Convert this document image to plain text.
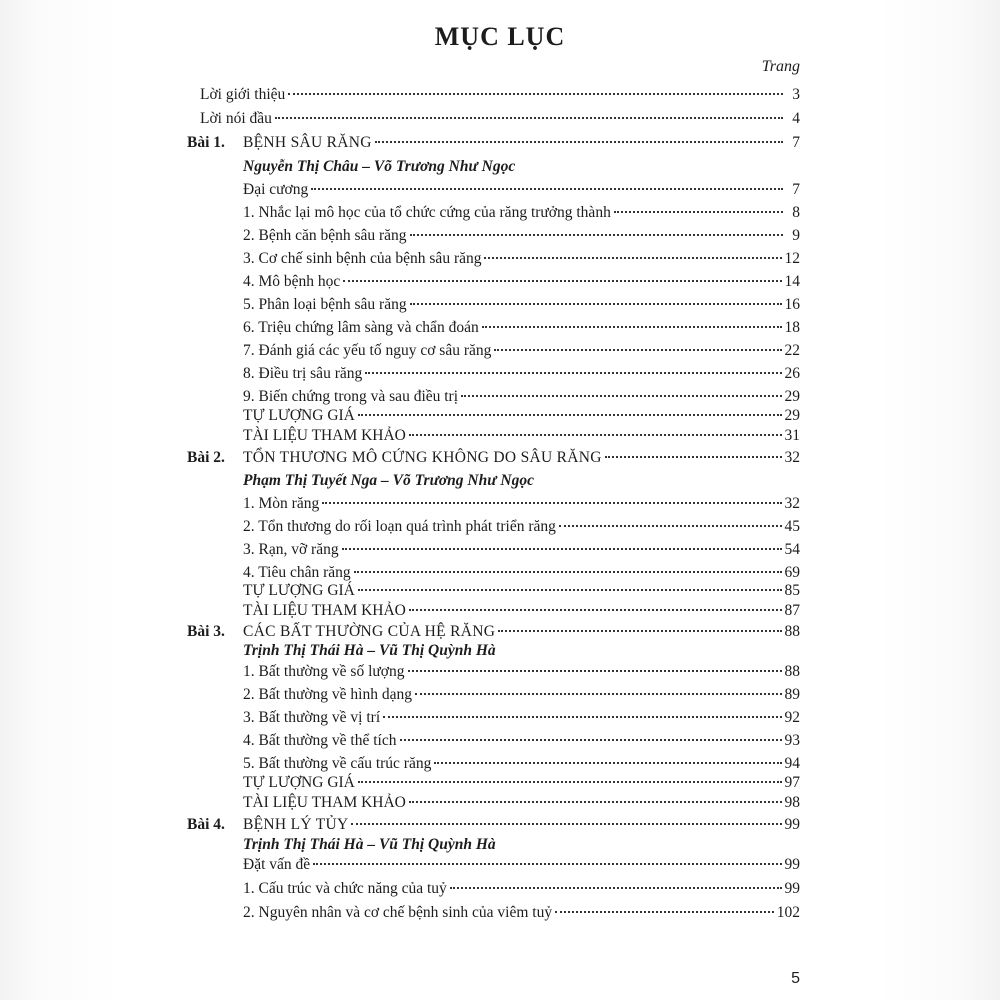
MỤC LỤC
Trang
Lời giới thiệu	3
Lời nói đầu	4
Bài 1. BỆNH SÂU RĂNG	7
Nguyễn Thị Châu – Võ Trương Như Ngọc
Đại cương	7
1. Nhắc lại mô học của tổ chức cứng của răng trưởng thành	8
2. Bệnh căn bệnh sâu răng	9
3. Cơ chế sinh bệnh của bệnh sâu răng	12
4. Mô bệnh học	14
5. Phân loại bệnh sâu răng	16
6. Triệu chứng lâm sàng và chẩn đoán	18
7. Đánh giá các yếu tố nguy cơ sâu răng	22
8. Điều trị sâu răng	26
9. Biến chứng trong và sau điều trị	29
TỰ LƯỢNG GIÁ	29
TÀI LIỆU THAM KHẢO	31
Bài 2. TỔN THƯƠNG MÔ CỨNG KHÔNG DO SÂU RĂNG	32
Phạm Thị Tuyết Nga – Võ Trương Như Ngọc
1. Mòn răng	32
2. Tổn thương do rối loạn quá trình phát triển răng	45
3. Rạn, vỡ răng	54
4. Tiêu chân răng	69
TỰ LƯỢNG GIÁ	85
TÀI LIỆU THAM KHẢO	87
Bài 3. CÁC BẤT THƯỜNG CỦA HỆ RĂNG	88
Trịnh Thị Thái Hà – Vũ Thị Quỳnh Hà
1. Bất thường về số lượng	88
2. Bất thường về hình dạng	89
3. Bất thường về vị trí	92
4. Bất thường về thể tích	93
5. Bất thường về cấu trúc răng	94
TỰ LƯỢNG GIÁ	97
TÀI LIỆU THAM KHẢO	98
Bài 4. BỆNH LÝ TỦY	99
Trịnh Thị Thái Hà – Vũ Thị Quỳnh Hà
Đặt vấn đề	99
1. Cấu trúc và chức năng của tuỷ	99
2. Nguyên nhân và cơ chế bệnh sinh của viêm tuỷ	102
5
